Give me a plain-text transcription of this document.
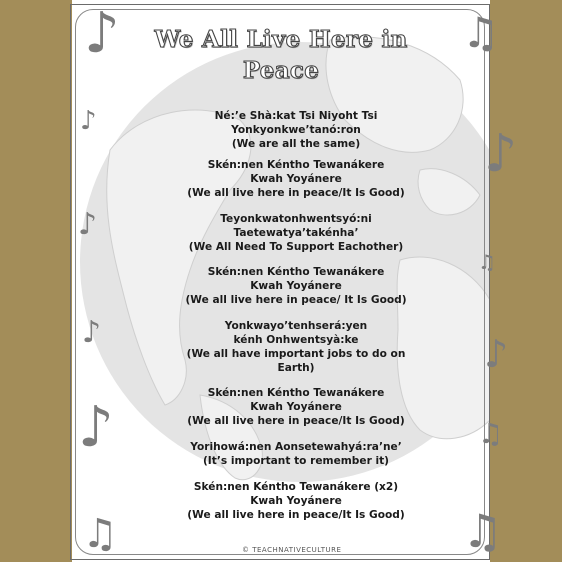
We All Live Here in
Peace
Né:’e Shà:kat Tsi Niyoht Tsi
Yonkyonkwe’tanó:ron
(We are all the same)
Skén:nen Kéntho Tewanákere
Kwah Yoyánere
(We all live here in peace/It Is Good)
Teyonkwatonhwentsyó:ni
Taetewatya’takénha’
(We All Need To Support Eachother)
Skén:nen Kéntho Tewanákere
Kwah Yoyánere
(We all live here in peace/ It Is Good)
Yonkwayo’tenhserá:yen
kénh Onhwentsyà:ke
(We all have important jobs to do on
Earth)
Skén:nen Kéntho Tewanákere
Kwah Yoyánere
(We all live here in peace/It Is Good)
Yorihowá:nen Aonsetewahyá:ra’ne’
(It’s important to remember it)
Skén:nen Kéntho Tewanákere (x2)
Kwah Yoyánere
(We all live here in peace/It Is Good)
♪	♫
♪
♪
♪
♫
♪	♪
♪	♫
♫	♫
© TEACHNATIVECULTURE
